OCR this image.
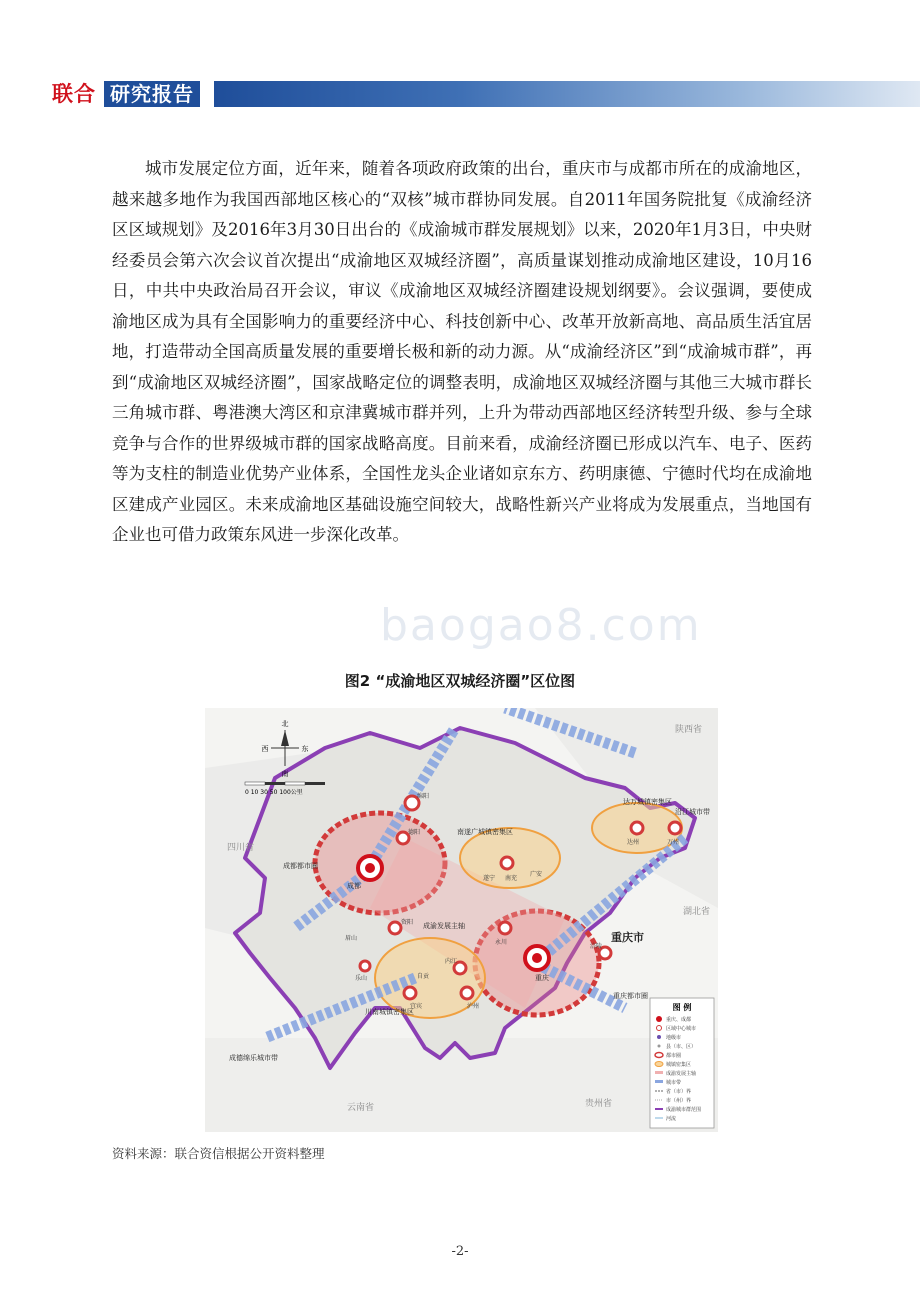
联合 研究报告

城市发展定位方面，近年来，随着各项政府政策的出台，重庆市与成都市所在的成渝地区，越来越多地作为我国西部地区核心的“双核”城市群协同发展。自2011年国务院批复《成渝经济区区域规划》及2016年3月30日出台的《成渝城市群发展规划》以来，2020年1月3日，中央财经委员会第六次会议首次提出“成渝地区双城经济圈”，高质量谋划推动成渝地区建设，10月16日，中共中央政治局召开会议，审议《成渝地区双城经济圈建设规划纲要》。会议强调，要使成渝地区成为具有全国影响力的重要经济中心、科技创新中心、改革开放新高地、高品质生活宜居地，打造带动全国高质量发展的重要增长极和新的动力源。从“成渝经济区”到“成渝城市群”，再到“成渝地区双城经济圈”，国家战略定位的调整表明，成渝地区双城经济圈与其他三大城市群长三角城市群、粤港澳大湾区和京津冀城市群并列，上升为带动西部地区经济转型升级、参与全球竞争与合作的世界级城市群的国家战略高度。目前来看，成渝经济圈已形成以汽车、电子、医药等为支柱的制造业优势产业体系，全国性龙头企业诸如京东方、药明康德、宁德时代均在成渝地区建成产业园区。未来成渝地区基础设施空间较大，战略性新兴产业将成为发展重点，当地国有企业也可借力政策东风进一步深化改革。

baogao8.com
图2 “成渝地区双城经济圈”区位图
北
南
西	东
0 10 30 50 100公里
陕西省
四川省
湖北省
云南省	贵州省
成都
重庆
重庆市
成都都市圈
重庆都市圈
南遂广城镇密集区
达万城镇密集区
川南城镇密集区
成渝发展主轴
沿江城市带
成德绵乐城市带
绵阳
德阳
资阳
遂宁 南充
广安
达州	万州
内江
自贡
宜宾	泸州
乐山
眉山
永川
涪陵
图 例
重庆、成都
区域中心城市
地级市
县（市、区）
都市圈
城镇密集区
成渝发展主轴
城市带
省（市）界
市（州）界
成渝城市群范围
河流
资料来源：联合资信根据公开资料整理
-2-
